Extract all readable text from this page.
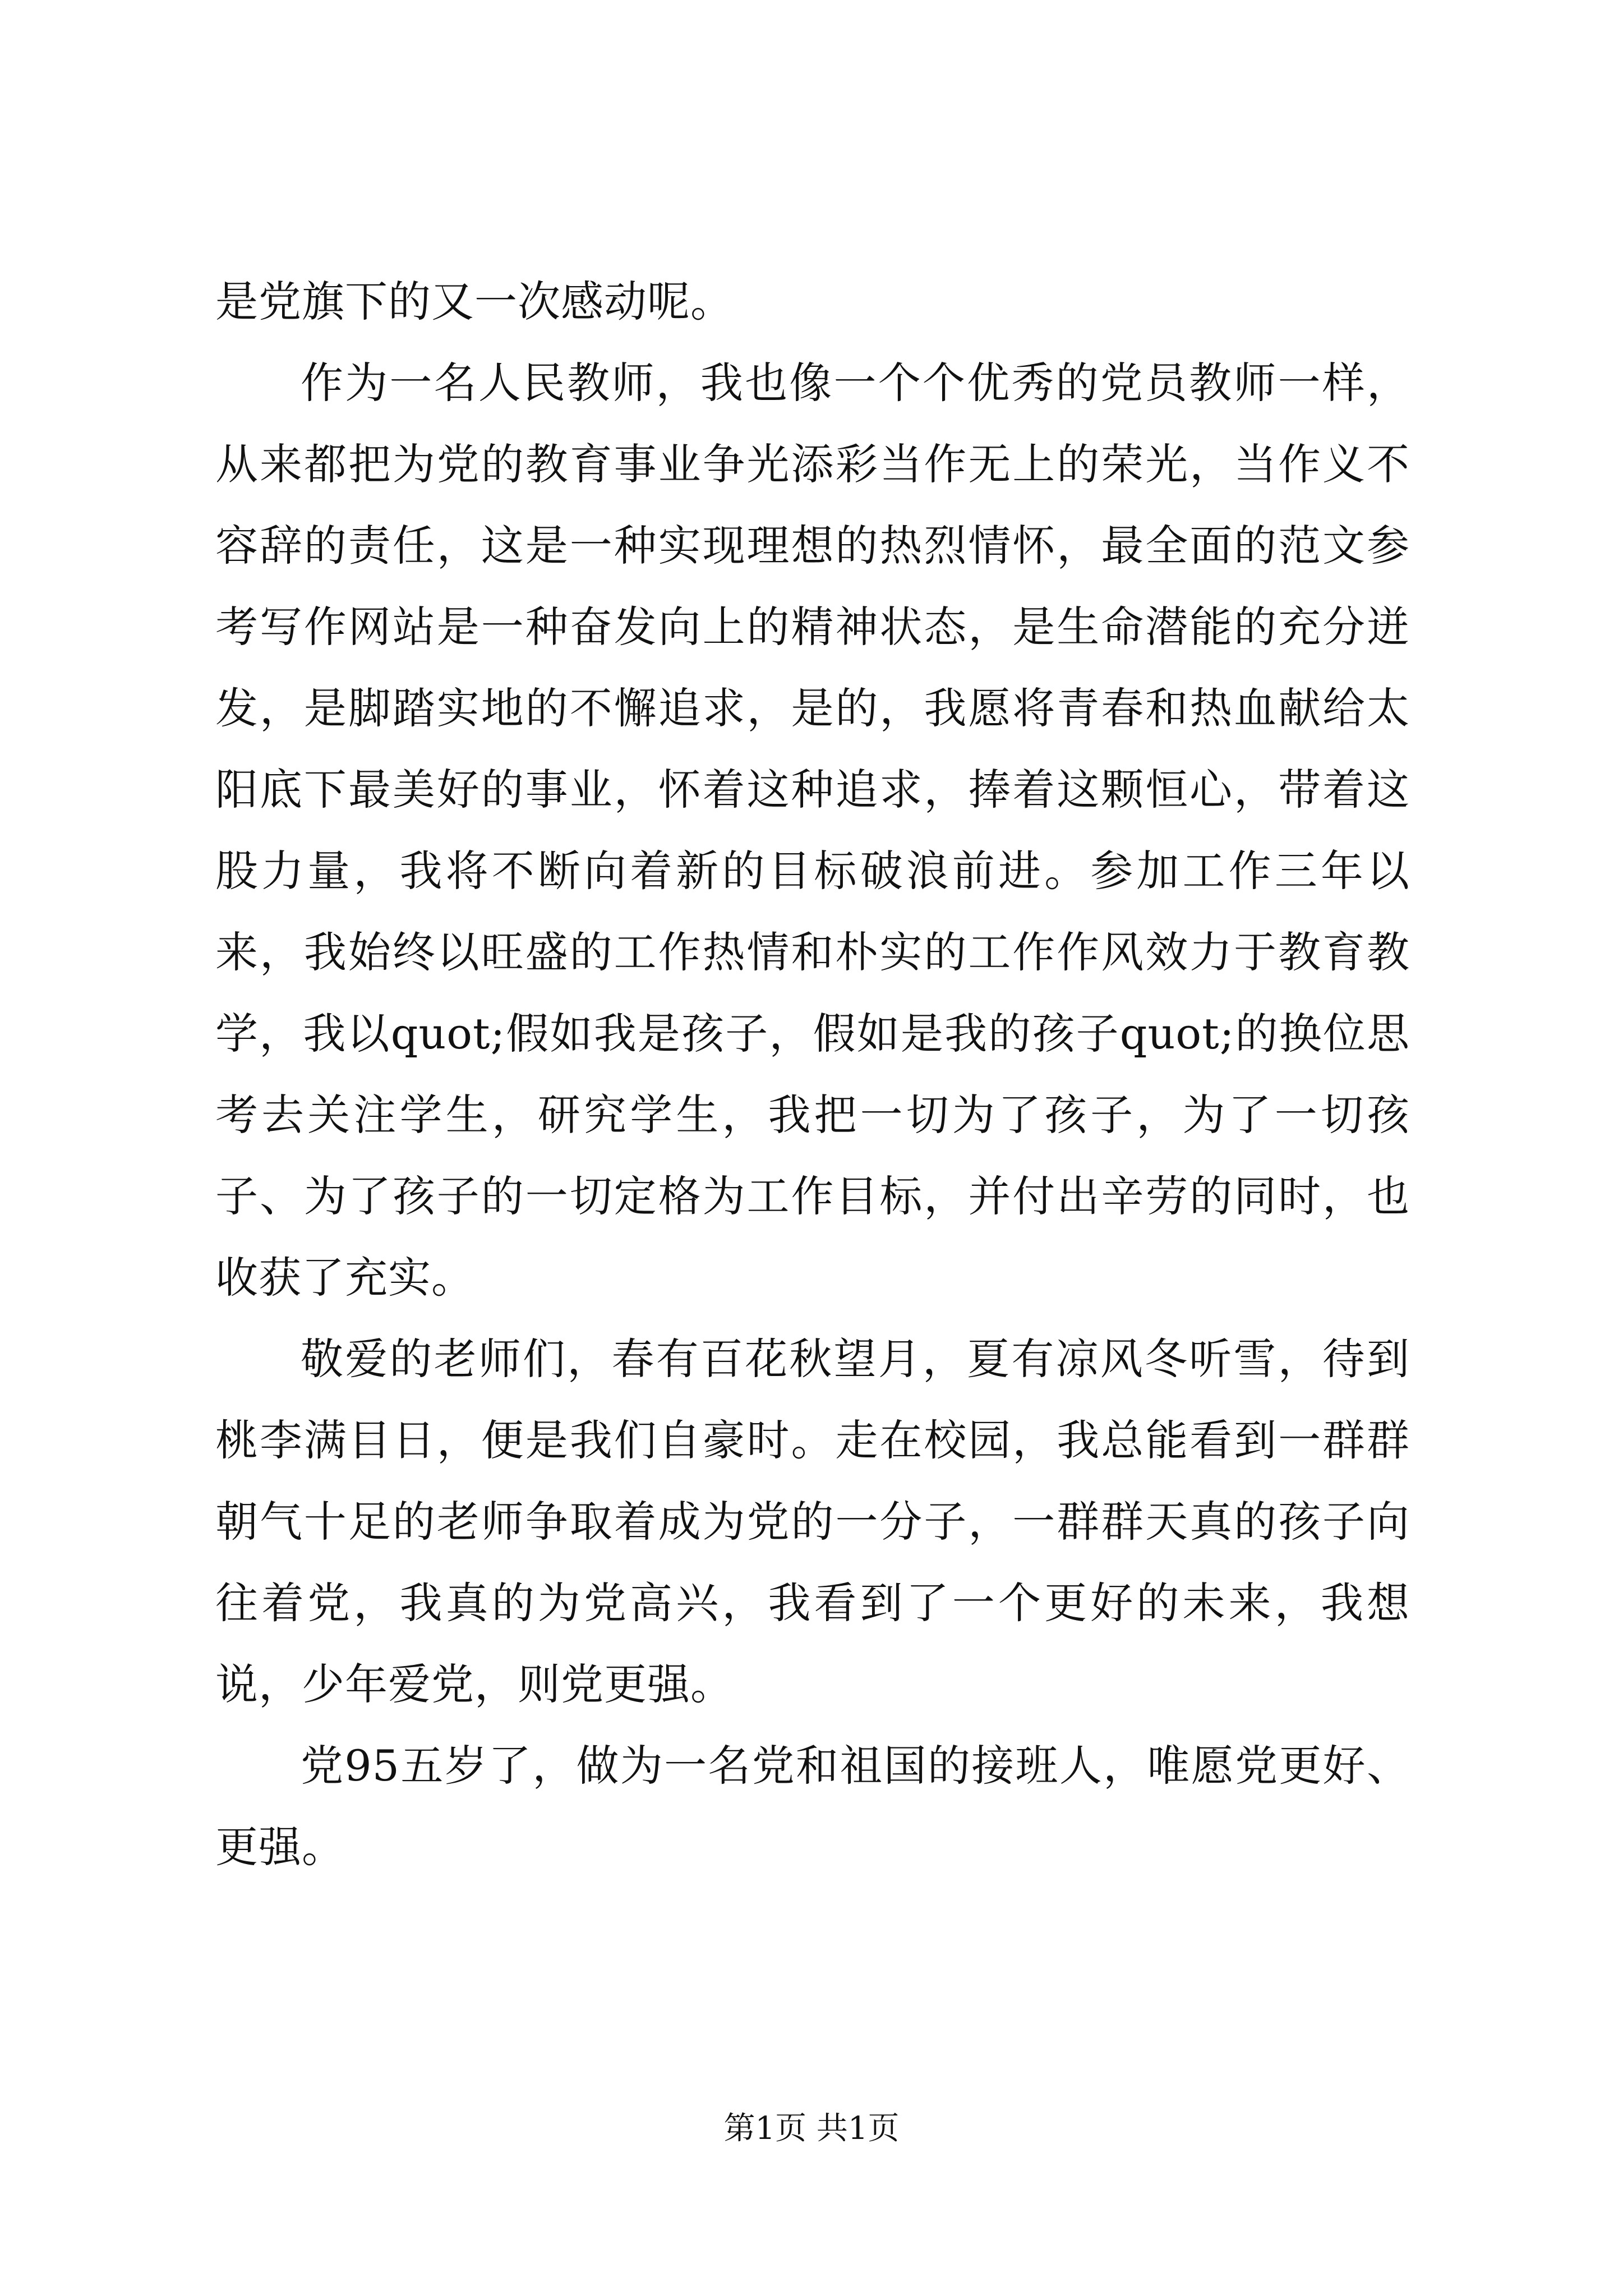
是党旗下的又一次感动呢。

作为一名人民教师，我也像一个个优秀的党员教师一样，从来都把为党的教育事业争光添彩当作无上的荣光，当作义不容辞的责任，这是一种实现理想的热烈情怀，最全面的范文参考写作网站是一种奋发向上的精神状态，是生命潜能的充分迸发，是脚踏实地的不懈追求，是的，我愿将青春和热血献给太阳底下最美好的事业，怀着这种追求，捧着这颗恒心，带着这股力量，我将不断向着新的目标破浪前进。参加工作三年以来，我始终以旺盛的工作热情和朴实的工作作风效力于教育教学，我以quot;假如我是孩子，假如是我的孩子quot;的换位思考去关注学生，研究学生，我把一切为了孩子，为了一切孩子、为了孩子的一切定格为工作目标，并付出辛劳的同时，也收获了充实。

敬爱的老师们，春有百花秋望月，夏有凉风冬听雪，待到桃李满目日，便是我们自豪时。走在校园，我总能看到一群群朝气十足的老师争取着成为党的一分子，一群群天真的孩子向往着党，我真的为党高兴，我看到了一个更好的未来，我想说，少年爱党，则党更强。

党95五岁了，做为一名党和祖国的接班人，唯愿党更好、更强。

第1页 共1页
